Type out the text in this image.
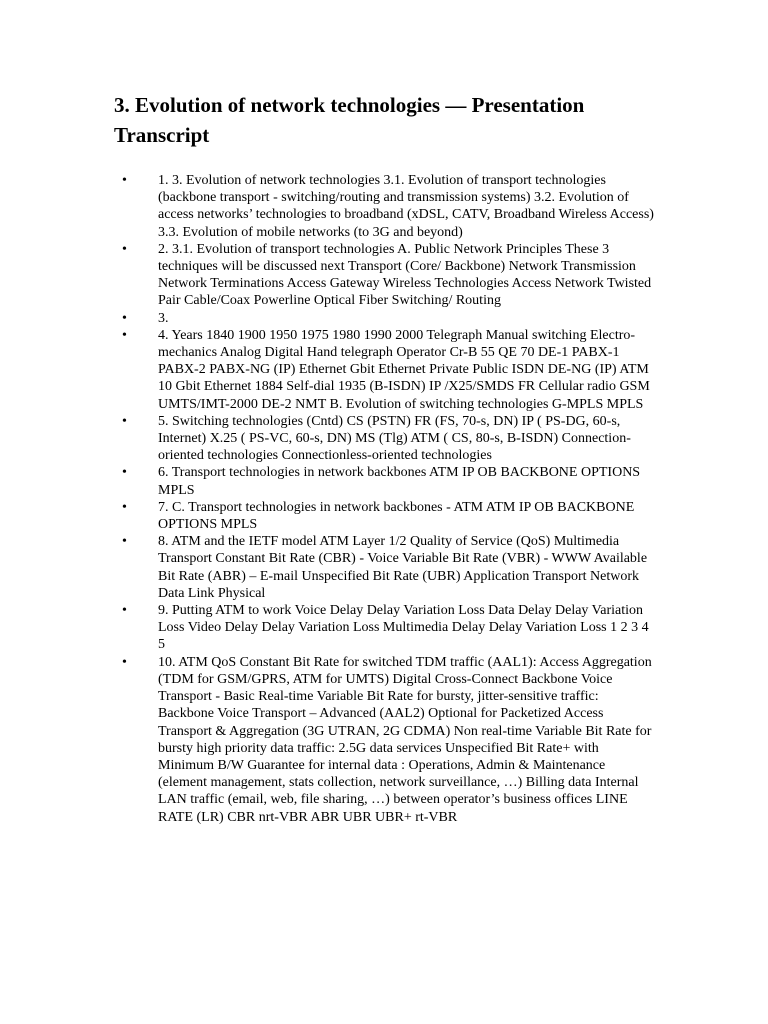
3. Evolution of network technologies — Presentation Transcript
• 1. 3. Evolution of network technologies 3.1. Evolution of transport technologies (backbone transport - switching/routing and transmission systems) 3.2. Evolution of access networks’ technologies to broadband (xDSL, CATV, Broadband Wireless Access) 3.3. Evolution of mobile networks (to 3G and beyond)
• 2. 3.1. Evolution of transport technologies A. Public Network Principles These 3 techniques will be discussed next Transport (Core/ Backbone) Network Transmission Network Terminations Access Gateway Wireless Technologies Access Network Twisted Pair Cable/Coax Powerline Optical Fiber Switching/ Routing
• 3.
• 4. Years 1840 1900 1950 1975 1980 1990 2000 Telegraph Manual switching Electro-mechanics Analog Digital Hand telegraph Operator Cr-B 55 QE 70 DE-1 PABX-1 PABX-2 PABX-NG (IP) Ethernet Gbit Ethernet Private Public ISDN DE-NG (IP) ATM 10 Gbit Ethernet 1884 Self-dial 1935 (B-ISDN) IP /X25/SMDS FR Cellular radio GSM UMTS/IMT-2000 DE-2 NMT B. Evolution of switching technologies G-MPLS MPLS
• 5. Switching technologies (Cntd) CS (PSTN) FR (FS, 70-s, DN) IP ( PS-DG, 60-s, Internet) X.25 ( PS-VC, 60-s, DN) MS (Tlg) ATM ( CS, 80-s, B-ISDN) Connection-oriented technologies Connectionless-oriented technologies
• 6. Transport technologies in network backbones ATM IP OB BACKBONE OPTIONS MPLS
• 7. C. Transport technologies in network backbones - ATM ATM IP OB BACKBONE OPTIONS MPLS
• 8. ATM and the IETF model ATM Layer 1/2 Quality of Service (QoS) Multimedia Transport Constant Bit Rate (CBR) - Voice Variable Bit Rate (VBR) - WWW Available Bit Rate (ABR) – E-mail Unspecified Bit Rate (UBR) Application Transport Network Data Link Physical
• 9. Putting ATM to work Voice Delay Delay Variation Loss Data Delay Delay Variation Loss Video Delay Delay Variation Loss Multimedia Delay Delay Variation Loss 1 2 3 4 5
• 10. ATM QoS Constant Bit Rate for switched TDM traffic (AAL1): Access Aggregation (TDM for GSM/GPRS, ATM for UMTS) Digital Cross-Connect Backbone Voice Transport - Basic Real-time Variable Bit Rate for bursty, jitter-sensitive traffic: Backbone Voice Transport – Advanced (AAL2) Optional for Packetized Access Transport & Aggregation (3G UTRAN, 2G CDMA) Non real-time Variable Bit Rate for bursty high priority data traffic: 2.5G data services Unspecified Bit Rate+ with Minimum B/W Guarantee for internal data : Operations, Admin & Maintenance (element management, stats collection, network surveillance, …) Billing data Internal LAN traffic (email, web, file sharing, …) between operator’s business offices LINE RATE (LR) CBR nrt-VBR ABR UBR UBR+ rt-VBR
